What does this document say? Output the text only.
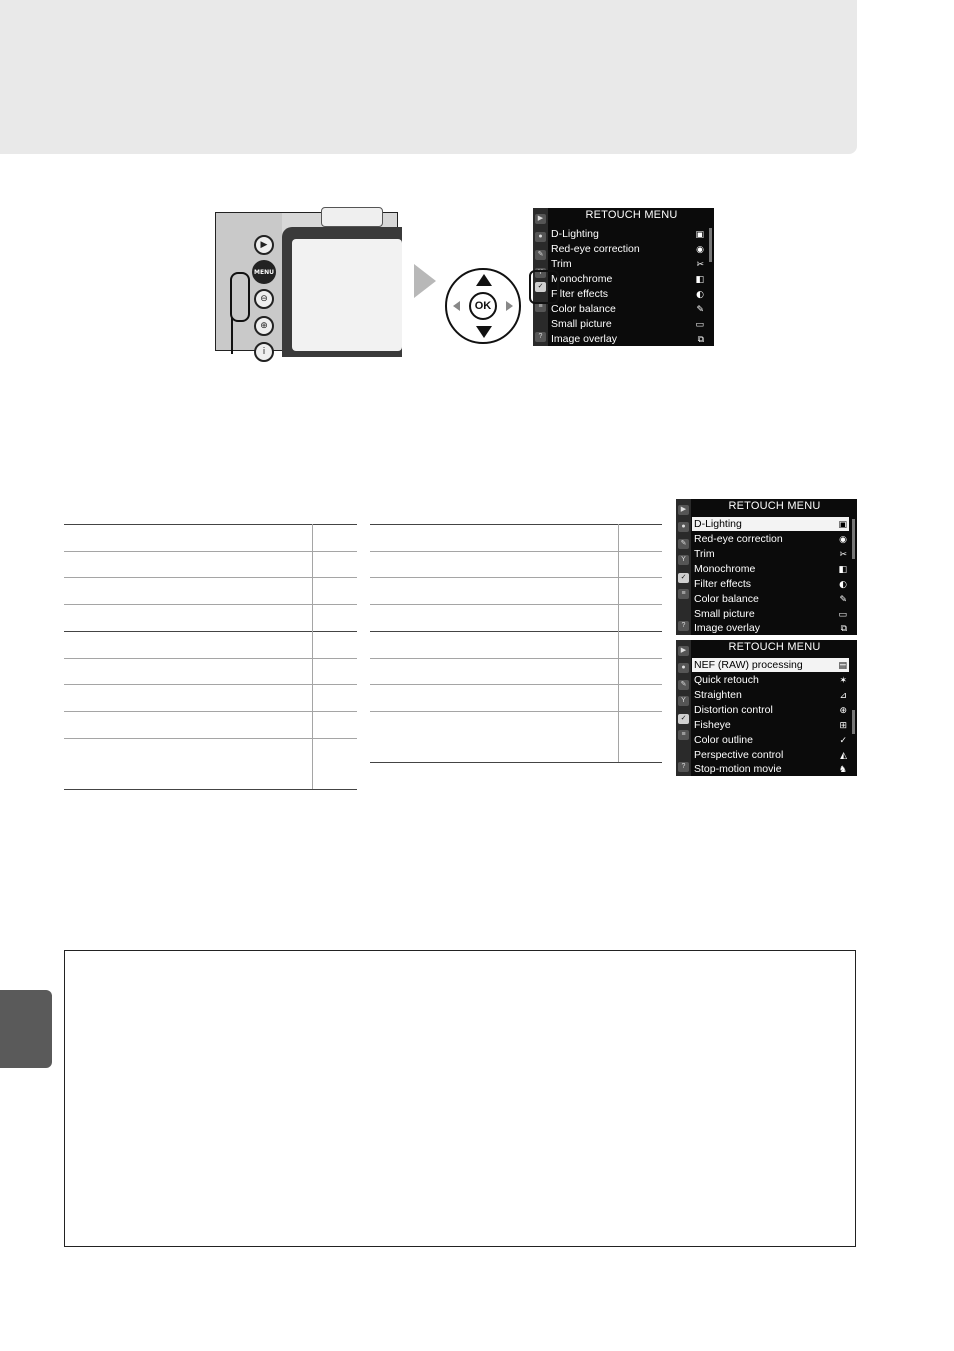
▶
MENU
⊖
⊕
i
OK
▶
●
✎
Y
✓
≡
?
RETOUCH MENU
D-Lighting	▣
Red-eye correction	◉
Trim	✂
Monochrome	◧
Filter effects	◐
Color balance	✎
Small picture	▭
Image overlay	⧉
▶
●
✎
Y
✓
≡
?
RETOUCH MENU
D-Lighting	▣
Red-eye correction	◉
Trim	✂
Monochrome	◧
Filter effects	◐
Color balance	✎
Small picture	▭
Image overlay	⧉
▶
●
✎
Y
✓
≡
?
RETOUCH MENU
NEF (RAW) processing	▤
Quick retouch	✶
Straighten	⊿
Distortion control	⊕
Fisheye	⊞
Color outline	✓
Perspective control	◭
Stop-motion movie	♞
